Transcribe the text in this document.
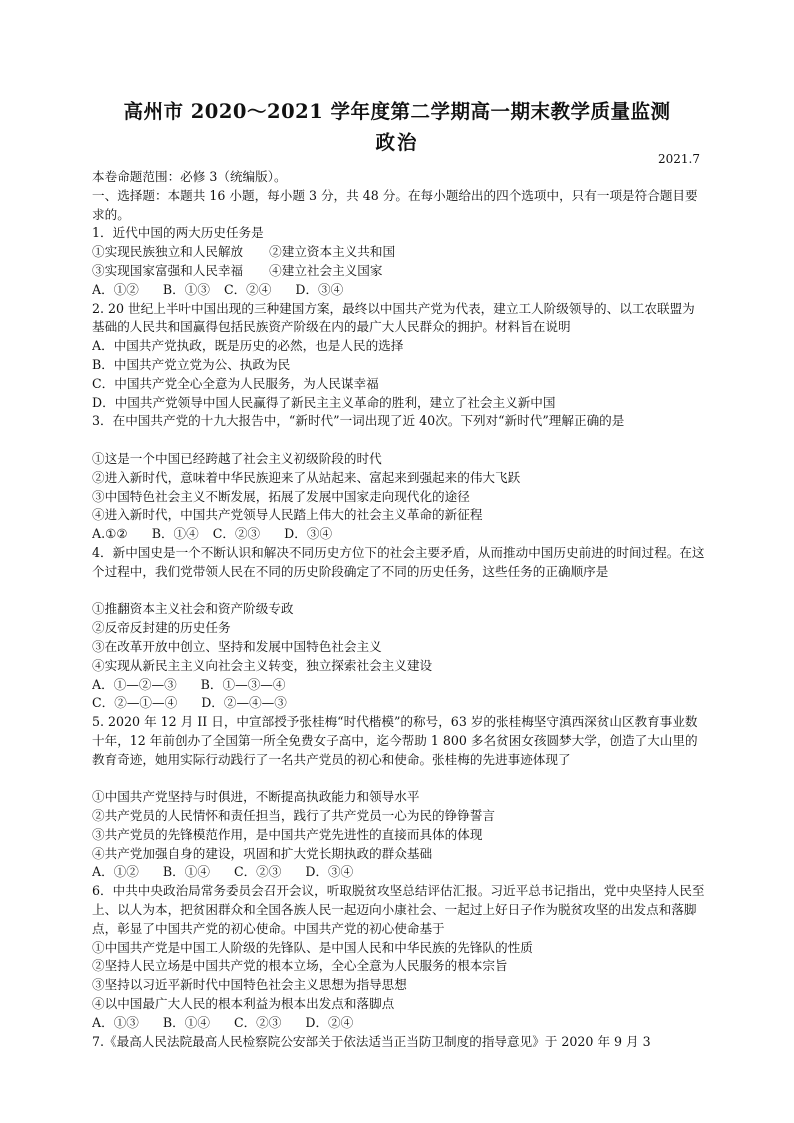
高州市 2020～2021 学年度第二学期高一期末教学质量监测
政治
2021.7
本卷命题范围：必修 3（统编版）。
一、选择题：本题共 16 小题，每小题 3 分，共 48 分。在每小题给出的四个选项中，只有一项是符合题目要求的。
1．近代中国的两大历史任务是
①实现民族独立和人民解放 ②建立资本主义共和国
③实现国家富强和人民幸福 ④建立社会主义国家
A．①② B．①③ C．②④ D．③④
2. 20 世纪上半叶中国出现的三种建国方案，最终以中国共产党为代表，建立工人阶级领导的、以工农联盟为基础的人民共和国赢得包括民族资产阶级在内的最广大人民群众的拥护。材料旨在说明
A．中国共产党执政，既是历史的必然，也是人民的选择
B．中国共产党立党为公、执政为民
C．中国共产党全心全意为人民服务，为人民谋幸福
D．中国共产党领导中国人民赢得了新民主主义革命的胜利，建立了社会主义新中国
3．在中国共产党的十九大报告中，“新时代”一词出现了近 40次。下列对“新时代”理解正确的是
①这是一个中国已经跨越了社会主义初级阶段的时代
②进入新时代，意味着中华民族迎来了从站起来、富起来到强起来的伟大飞跃
③中国特色社会主义不断发展，拓展了发展中国家走向现代化的途径
④进入新时代，中国共产党领导人民踏上伟大的社会主义革命的新征程
A.①② B．①④ C．②③ D．③④
4．新中国史是一个不断认识和解决不同历史方位下的社会主要矛盾，从而推动中国历史前进的时间过程。在这个过程中，我们党带领人民在不同的历史阶段确定了不同的历史任务，这些任务的正确顺序是
①推翻资本主义社会和资产阶级专政
②反帝反封建的历史任务
③在改革开放中创立、坚持和发展中国特色社会主义
④实现从新民主主义向社会主义转变，独立探索社会主义建设
A．①—②—③ B．①—③—④
C．②—①—④ D．②—④—③
5. 2020 年 12 月 II 日，中宣部授予张桂梅“时代楷模”的称号，63 岁的张桂梅坚守滇西深贫山区教育事业数十年，12 年前创办了全国第一所全免费女子高中，迄今帮助 1 800 多名贫困女孩圆梦大学，创造了大山里的教育奇迹，她用实际行动践行了一名共产党员的初心和使命。张桂梅的先进事迹体现了
①中国共产党坚持与时俱进，不断提高执政能力和领导水平
②共产党员的人民情怀和责任担当，践行了共产党员一心为民的铮铮誓言
③共产党员的先锋模范作用，是中国共产党先进性的直接而具体的体现
④共产党加强自身的建设，巩固和扩大党长期执政的群众基础
A．①② B．①④ C．②③ D．③④
6．中共中央政治局常务委员会召开会议，听取脱贫攻坚总结评估汇报。习近平总书记指出，党中央坚持人民至上、以人为本，把贫困群众和全国各族人民一起迈向小康社会、一起过上好日子作为脱贫攻坚的出发点和落脚点，彰显了中国共产党的初心使命。中国共产党的初心使命基于
①中国共产党是中国工人阶级的先锋队、是中国人民和中华民族的先锋队的性质
②坚持人民立场是中国共产党的根本立场，全心全意为人民服务的根本宗旨
③坚持以习近平新时代中国特色社会主义思想为指导思想
④以中国最广大人民的根本利益为根本出发点和落脚点
A．①③ B．①④ C．②③ D．②④
7.《最高人民法院最高人民检察院公安部关于依法适当正当防卫制度的指导意见》于 2020 年 9 月 3
